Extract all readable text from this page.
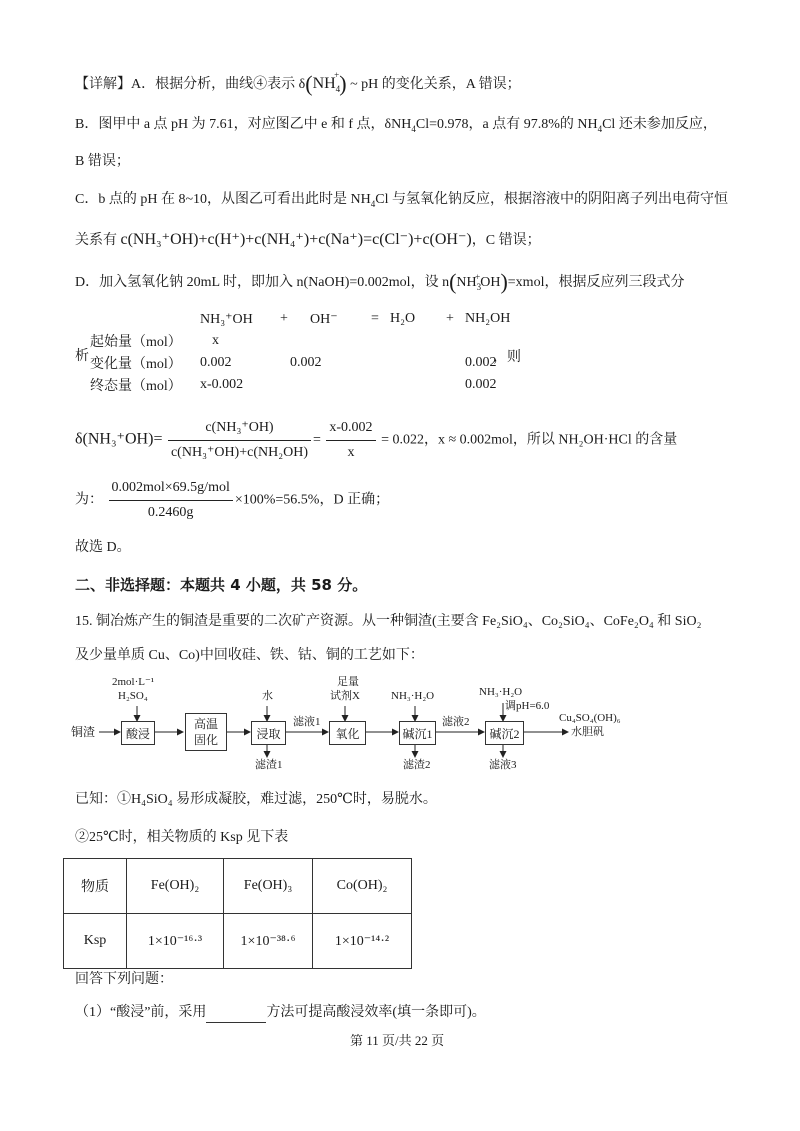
【详解】A．根据分析，曲线④表示 $\delta(NH_4^+)$ ~ pH 的变化关系，A 错误；
B．图甲中 a 点 pH 为 7.61，对应图乙中 e 和 f 点，δNH$_4$Cl=0.978，a 点有 97.8%的 $NH_4Cl$ 还未参加反应，
B 错误；
C．b 点的 pH 在 8~10，从图乙可看出此时是 $NH_4Cl$ 与氢氧化钠反应，根据溶液中的阴阳离子列出电荷守恒
关系有 c(NH₃⁺OH)+c(H⁺)+c(NH₄⁺)+c(Na⁺)=c(Cl⁻)+c(OH⁻)，C 错误；
D．加入氢氧化钠 20mL 时，即加入 n(NaOH)=0.002mol，设 $n(NH_3^+OH)=xmol$，根据反应列三段式分
析
	NH₃⁺OH	+	OH⁻	=	H₂O	+	NH₂OH
起始量（mol）	x						
变化量（mol）	0.002	0.002					0.002
终态量（mol）	x-0.002						0.002
，则
$\delta(NH_3^+OH)= \frac{\text{c(NH₃⁺OH)}}{\text{c(NH₃⁺OH)+c(NH₂OH)}} = \frac{x-0.002}{x} = 0.022$，x ≈ 0.002mol，所以 NH₂OH·HCl 的含量
为： $\frac{\text{0.002mol×69.5g/mol}}{0.2460g} \times 100\%=56.5\%$，D 正确；
故选 D。
二、非选择题：本题共 4 小题，共 58 分。
15. 铜冶炼产生的铜渣是重要的二次矿产资源。从一种铜渣(主要含 Fe₂SiO₄、Co₂SiO₄、CoFe₂O₄ 和 SiO₂
及少量单质 Cu、Co)中回收硅、铁、钴、铜的工艺如下：
铜渣
2mol·L⁻¹
H₂SO₄
酸浸
高温
固化
水
浸取
滤渣1
滤液1
足量
试剂X
氧化
NH₃·H₂O
碱沉1
滤渣2
滤液2
NH₃·H₂O
调pH=6.0
碱沉2
滤液3
Cu₄SO₄(OH)₆
水胆矾
已知：①H₄SiO₄ 易形成凝胶，难过滤，250℃时，易脱水。
②25℃时，相关物质的 Ksp 见下表
物质	Fe(OH)₂	Fe(OH)₃	Co(OH)₂
Ksp	1×10⁻¹⁶·³	1×10⁻³⁸·⁶	1×10⁻¹⁴·²
回答下列问题：
（1）“酸浸”前，采用	方法可提高酸浸效率(填一条即可)。
第 11 页/共 22 页
